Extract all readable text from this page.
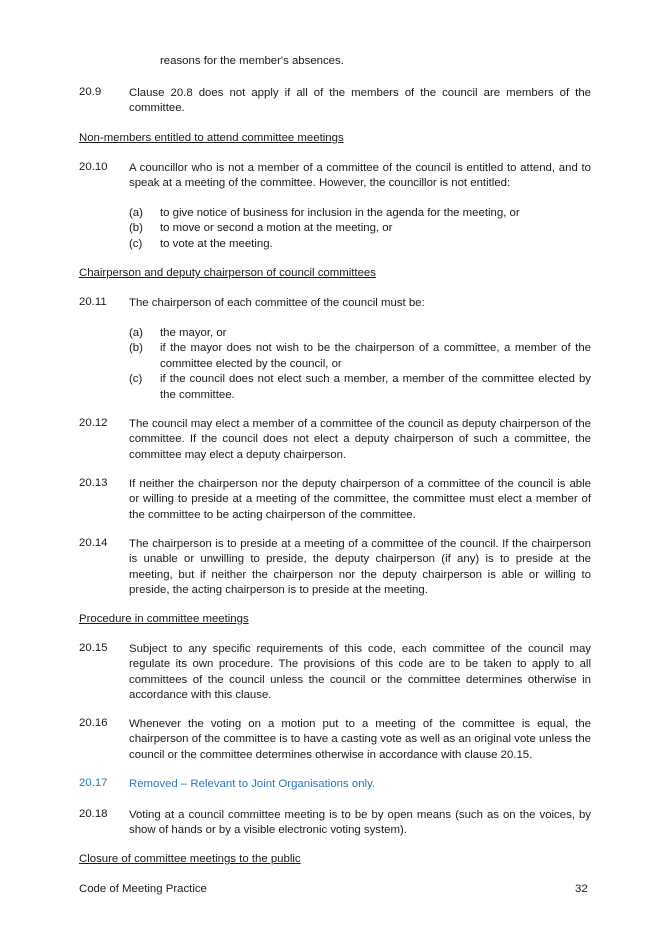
reasons for the member's absences.
20.9 Clause 20.8 does not apply if all of the members of the council are members of the committee.
Non-members entitled to attend committee meetings
20.10 A councillor who is not a member of a committee of the council is entitled to attend, and to speak at a meeting of the committee. However, the councillor is not entitled:
(a) to give notice of business for inclusion in the agenda for the meeting, or
(b) to move or second a motion at the meeting, or
(c) to vote at the meeting.
Chairperson and deputy chairperson of council committees
20.11 The chairperson of each committee of the council must be:
(a) the mayor, or
(b) if the mayor does not wish to be the chairperson of a committee, a member of the committee elected by the council, or
(c) if the council does not elect such a member, a member of the committee elected by the committee.
20.12 The council may elect a member of a committee of the council as deputy chairperson of the committee. If the council does not elect a deputy chairperson of such a committee, the committee may elect a deputy chairperson.
20.13 If neither the chairperson nor the deputy chairperson of a committee of the council is able or willing to preside at a meeting of the committee, the committee must elect a member of the committee to be acting chairperson of the committee.
20.14 The chairperson is to preside at a meeting of a committee of the council. If the chairperson is unable or unwilling to preside, the deputy chairperson (if any) is to preside at the meeting, but if neither the chairperson nor the deputy chairperson is able or willing to preside, the acting chairperson is to preside at the meeting.
Procedure in committee meetings
20.15 Subject to any specific requirements of this code, each committee of the council may regulate its own procedure. The provisions of this code are to be taken to apply to all committees of the council unless the council or the committee determines otherwise in accordance with this clause.
20.16 Whenever the voting on a motion put to a meeting of the committee is equal, the chairperson of the committee is to have a casting vote as well as an original vote unless the council or the committee determines otherwise in accordance with clause 20.15.
20.17 Removed – Relevant to Joint Organisations only.
20.18 Voting at a council committee meeting is to be by open means (such as on the voices, by show of hands or by a visible electronic voting system).
Closure of committee meetings to the public
Code of Meeting Practice	32
